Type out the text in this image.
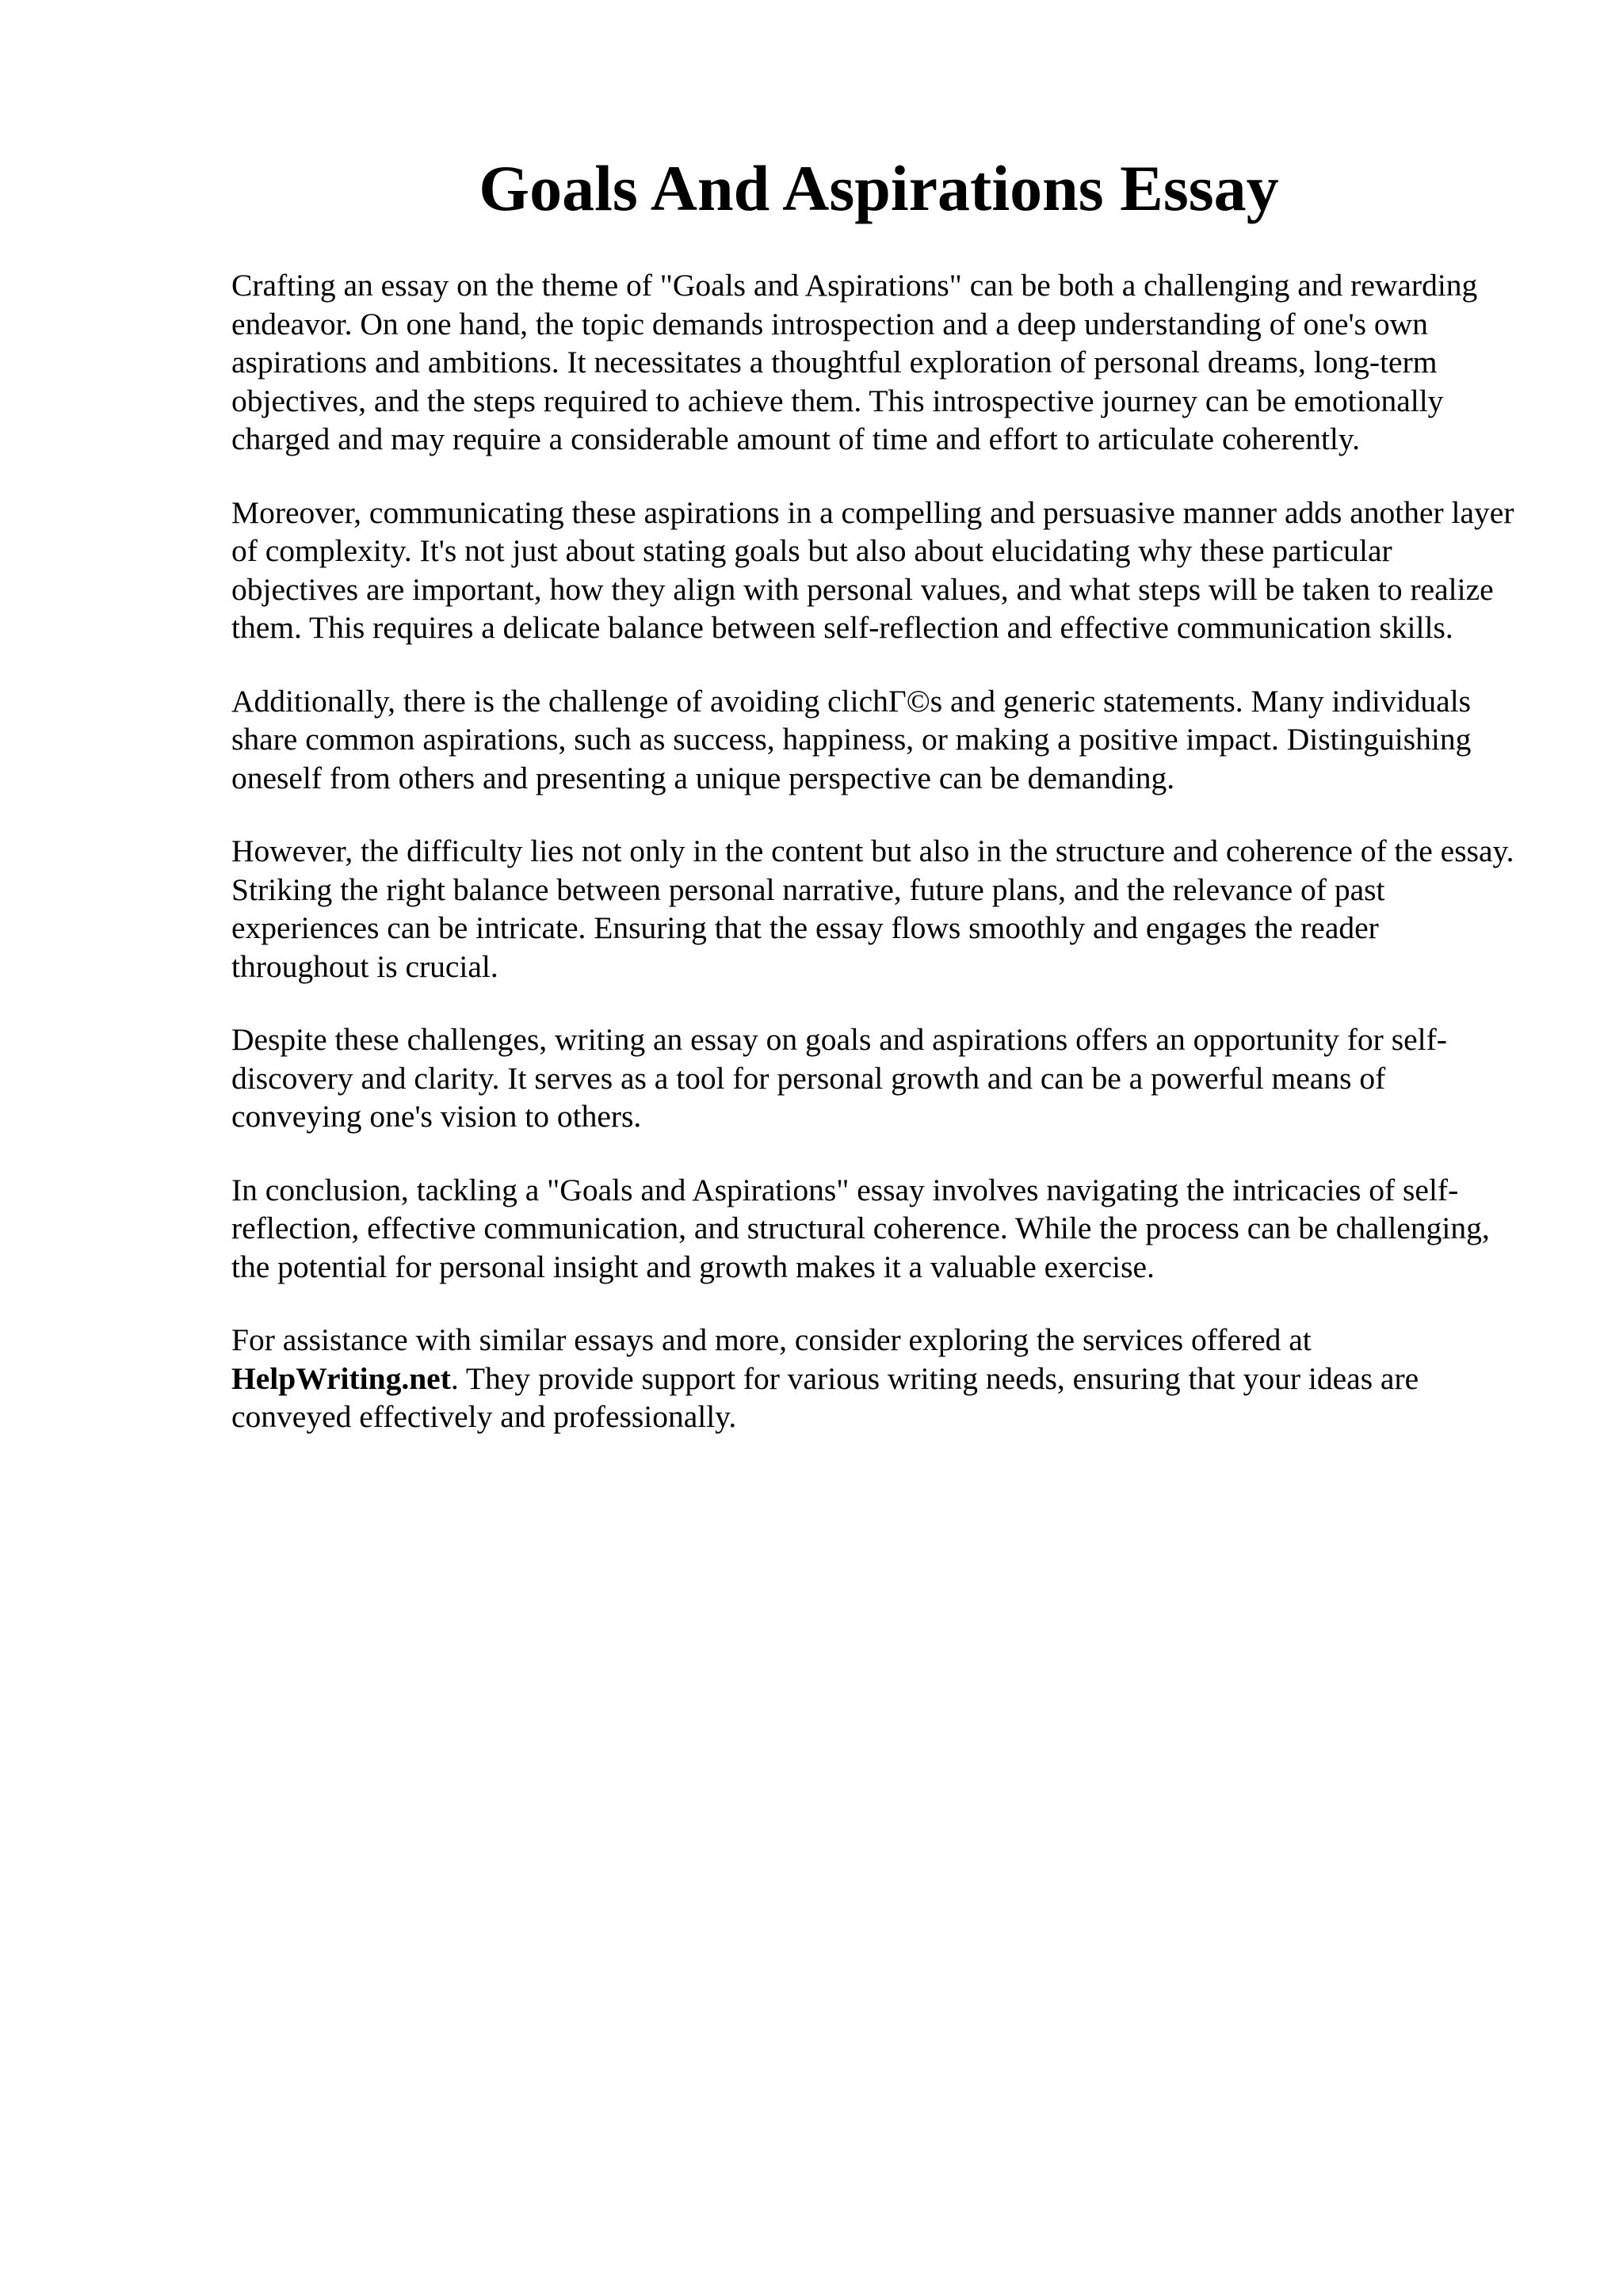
Goals And Aspirations Essay

Crafting an essay on the theme of "Goals and Aspirations" can be both a challenging and rewarding endeavor. On one hand, the topic demands introspection and a deep understanding of one's own aspirations and ambitions. It necessitates a thoughtful exploration of personal dreams, long-term objectives, and the steps required to achieve them. This introspective journey can be emotionally charged and may require a considerable amount of time and effort to articulate coherently.

Moreover, communicating these aspirations in a compelling and persuasive manner adds another layer of complexity. It's not just about stating goals but also about elucidating why these particular objectives are important, how they align with personal values, and what steps will be taken to realize them. This requires a delicate balance between self-reflection and effective communication skills.

Additionally, there is the challenge of avoiding clichΓ©s and generic statements. Many individuals share common aspirations, such as success, happiness, or making a positive impact. Distinguishing oneself from others and presenting a unique perspective can be demanding.

However, the difficulty lies not only in the content but also in the structure and coherence of the essay. Striking the right balance between personal narrative, future plans, and the relevance of past experiences can be intricate. Ensuring that the essay flows smoothly and engages the reader throughout is crucial.

Despite these challenges, writing an essay on goals and aspirations offers an opportunity for self-discovery and clarity. It serves as a tool for personal growth and can be a powerful means of conveying one's vision to others.

In conclusion, tackling a "Goals and Aspirations" essay involves navigating the intricacies of self-reflection, effective communication, and structural coherence. While the process can be challenging, the potential for personal insight and growth makes it a valuable exercise.

For assistance with similar essays and more, consider exploring the services offered at HelpWriting.net. They provide support for various writing needs, ensuring that your ideas are conveyed effectively and professionally.
